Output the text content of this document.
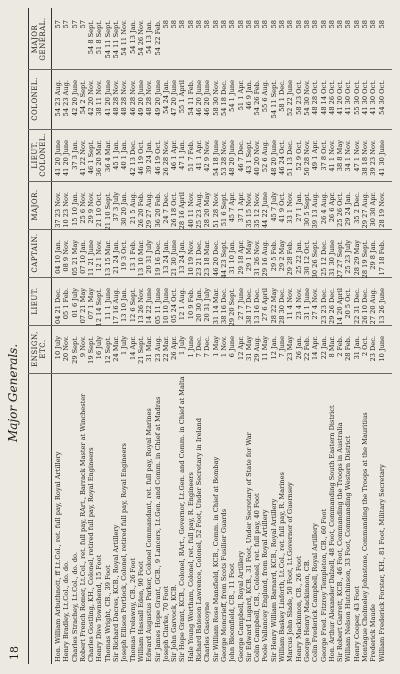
18
Major Generals. ENSIGN, ETC.
LIEUT.
CAPTAIN.
MAJOR.
LIEUT. COLONEL.
COLONEL.
MAJOR GENERAL.
Hon. William Arbuthnott, ff Lt.Col., ret. full pay, Royal Artillery
10 July
04 21 Dec.
04 10 Jan.
37 23 Nov.
41 20 June
54 23 Aug.
57
Henry Bradley, Lt.Col., do. do.
20 Nov.
05 1 Feb.
08 9 Nov.
10 23 Nov.
41 20 June
54 23 Aug.
57
Charles Strachey, Lt.Col., do. do.
29 Sept.
01 6 July
05 21 May
15 10 Jan.
37 3 Jan.
42 20 June
57
Robert French Romer, Lt.Col., ret. full pay, RArt., Barrack Master at Winchester
9 Nov.
07 21 May
07 10 Jan.
25 6 Nov.
41 22 Nov.
54 2 Sept.
57
Charles Gostling, KH., Colonel, retired full pay, Royal Engineers
19 Sept.
07 1 May
11 21 June
29 9 Nov.
46 1 Sept.
42 20 Nov.
54 8 Sept.
Henry Dive Townshend, 15 Foot
16 July
12 14 Sept.
12 1 Nov.
21 10 Oct.
36 20 Mar.
38 11 Nov.
51 8 Sept.
Thomas Wright, CB., 39 Foot
12 Sept.
11 1 June
13 15 Mar.
21 10 Sept.
36 4 Mar.
41 20 June
54 11 Sept.
Sir Richard Dacres, KCB., Royal Artillery
24 Mar.
17 16 Aug.
21 24 Jan.
37 3 July
45 1 Jan.
48 28 Nov.
54 11 Sept.
Joseph Ellison Portlock, Colonel, retired full pay, Royal Engineers
1 July
13 10 Jan.
19 3 Oct.
30 20 Jan.
40 1 Jan.
48 28 Nov.
54 11 Nov.
Thomas Trelawny, CB., 26 Foot
14 Apr.
12 6 Sept.
13 1 Feb.
21 5 Aug.
42 13 Dec.
46 28 Nov.
54 13 Jan.
William Hassall Eden, 90 Foot
21 Sept.
13 26 Nov.
13 10 Mar.
26 20 Feb.
46 19 Oct.
49 20 June
54 26 Nov.
Edward Augustus Parker, Colonel Commandant, ret. full pay, Royal Marines
31 Mar.
14 22 June
20 31 July
29 27 Aug.
39 24 Jan.
48 28 Nov.
54 13 Jan.
Sir James Hope Grant, GCB., 9 Lancers, Lt.Gen. and Comm. in Chief at Madras
23 Aug.
05 11 June
19 16 Dec.
36 20 Feb.
46 19 Oct.
49 20 June
54 22 Feb.
Joseph Clarke, 70 Foot
22 Mar.
10 10 June
13 24 Jan.
24 7 Dec.
26 28 Nov.
54 24 Jan.
58
Sir John Garvock, KCB.
26 Apr.
05 24 Oct.
21 30 June
26 18 Oct.
46 1 Apr.
47 20 June
58
Sir Hope Grant, KCB., Colonel, RArt., Governor, Lt.Gen. and Comm. in Chief at Malta
1 July
12 1 Aug.
13 24 Jan.
28 16 April
47 1 Jan.
55 1 April
58
Hale Young Wortham, Colonel, ret. full pay, R. Engineers
1 June
10 9 Feb.
10 19 Nov.
40 11 Nov.
51 7 Feb.
54 11 Feb.
58
Richard Bateson Lawrence, Colonel, 52 Foot, Under Secretary in Ireland
7 Dec.
20 30 Jan.
23 21 Dec.
25 23 Aug.
41 1 Apr.
46 20 June
58
Charles Gascoyne
7 Dec.
20 31 July
23 18 Mar.
28 20 May
42 9 Nov.
46 20 June
58
Sir William Rose Mansfield, KCB., Comm. in Chief at Bombay
1 May
31 14 Mar.
46 20 Dec.
51 28 Nov.
54 18 June
58 30 Nov.
58
George Moncrieff, from Scots Fusilier Guards
1 Nov.
38 16 Dec.
44 23 Sept.
51 6 Sept.
53 28 Nov.
54 18 Dec.
58
John Bloomfield, CB., 11 Foot
6 June
29 20 Sept.
31 10 Jan.
45 7 Apr.
48 20 June
54 1 June
58
George Campbell, Royal Artillery
12 Apr.
27 7 June
29 18 Apr.
37 1 Apr.
46 7 Dec.
51 1 Apr.
58
Sir Edward Lugard, KCB., 31 Foot, Under Secretary of State for War
31 May
38 17 Dec.
29 1 May
35 15 Nov.
43 1 Sept.
46 9 Jan.
58
Colin Campbell, CB., Colonel, ret. full pay, 40 Foot
29 Aug.
13 16 Dec.
31 26 Nov.
35 12 Nov.
40 20 Nov.
54 26 Feb.
58
Poole Vallancey England, from Royal Artillery
11 May
27 6 April
29 16 Aug.
44 22 June
52 6 Aug.
55 6 Aug.
58
Sir Henry William Barnard, KCB., Royal Artillery
12 Jan.
28 22 May
29 5 Feb.
45 7 July
48 20 June
54 11 Sept.
58
William Baskey Linforth, Lt.Col., ret. full pay, R. Marines
7 June
28 30 Dec.
29 2 May
41 9 Oct.
46 24 Oct.
58 1 Dec.
58
Marcus John Slade, 50 Foot, Lt.Governor of Guernsey
23 May
11 4 Nov.
29 28 Feb.
33 1 Nov.
51 13 Dec.
52 22 June
58
Henry Mackinnon, CB., 26 Foot
26 Jan.
23 4 Nov.
25 22 Jan.
27 1 Jan.
52 9 Oct.
58 23 Oct.
58
George Henry Mackinnon, CB.
22 Feb.
31 1 June
30 12 Oct.
30 5 Sept.
50 28 Nov.
54 30 Nov.
58
Colin Frederick Campbell, Royal Artillery
14 Apr.
27 4 Nov.
30 26 Sept.
39 13 Aug.
49 1 Apr.
48 28 Oct.
58
George Fred. Fitzroy Templeton, CB., 60 Foot
22 Jan.
23 23 Dec.
25 12 Dec.
26 4 Aug.
37 8 Oct.
48 14 Oct.
58
Hon. Arthur Alexander Dalzell, 48 Foot, Commanding South Eastern District
8 Mar.
29 26 Dec.
31 30 June
26 6 Apr.
41 1 Nov.
48 26 Oct.
58
Sir Robert Garrett, KCB., 46 Foot, Commanding the Troops in Australia
2 Feb.
14 20 April
27 27 Sept.
25 26 Oct.
38 8 May
41 20 Oct.
58
William Nelson Hutchinson, 33 Foot, Commanding Western District
28 Feb.
20 5 Oct.
25 23 July
29 24 Jan.
34 1 Nov.
41 30 Oct.
58
Henry Cooper, 43 Foot
31 Jan.
22 31 Dec.
28 29 May
35 2 Dec.
47 1 Nov.
55 30 Oct.
58
Montague Cholmeley Johnstone, Commanding the Troops at the Mauritius
2 Oct.
26 10 Dec.
28 19 Sept.
29 27 Aug.
38 18 Nov.
41 30 Oct.
58
Frederick Maude
23 Dec.
27 20 Aug.
29 8 Jan.
30 30 Apr.
39 23 Nov.
41 30 Oct.
58
William Frederick Forster, KH., 81 Foot, Military Secretary
10 June
13 26 June
17 18 Feb.
28 19 Nov.
41 30 June
54 30 Oct.
58
